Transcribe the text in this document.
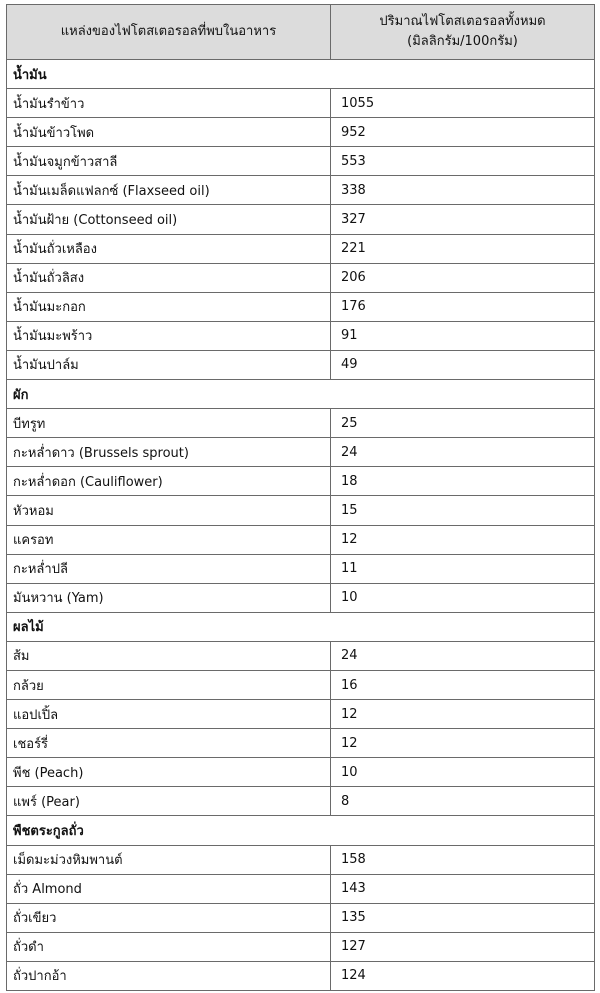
แหล่งของไฟโตสเตอรอลที่พบในอาหาร	ปริมาณไฟโตสเตอรอลทั้งหมด
(มิลลิกรัม/100กรัม)

น้ำมัน	
น้ำมันรำข้าว	1055
น้ำมันข้าวโพด	952
น้ำมันจมูกข้าวสาลี	553
น้ำมันเมล็ดแฟลกซ์ (Flaxseed oil)	338
น้ำมันฝ้าย (Cottonseed oil)	327
น้ำมันถั่วเหลือง	221
น้ำมันถั่วลิสง	206
น้ำมันมะกอก	176
น้ำมันมะพร้าว	91
น้ำมันปาล์ม	49
ผัก	
บีทรูท	25
กะหล่ำดาว (Brussels sprout)	24
กะหล่ำดอก (Cauliflower)	18
หัวหอม	15
แครอท	12
กะหล่ำปลี	11
มันหวาน (Yam)	10
ผลไม้	
ส้ม	24
กล้วย	16
แอปเปิ้ล	12
เชอร์รี่	12
พีช (Peach)	10
แพร์ (Pear)	8
พืชตระกูลถั่ว	
เม็ดมะม่วงหิมพานต์	158
ถั่ว Almond	143
ถั่วเขียว	135
ถั่วดำ	127
ถั่วปากอ้า	124
